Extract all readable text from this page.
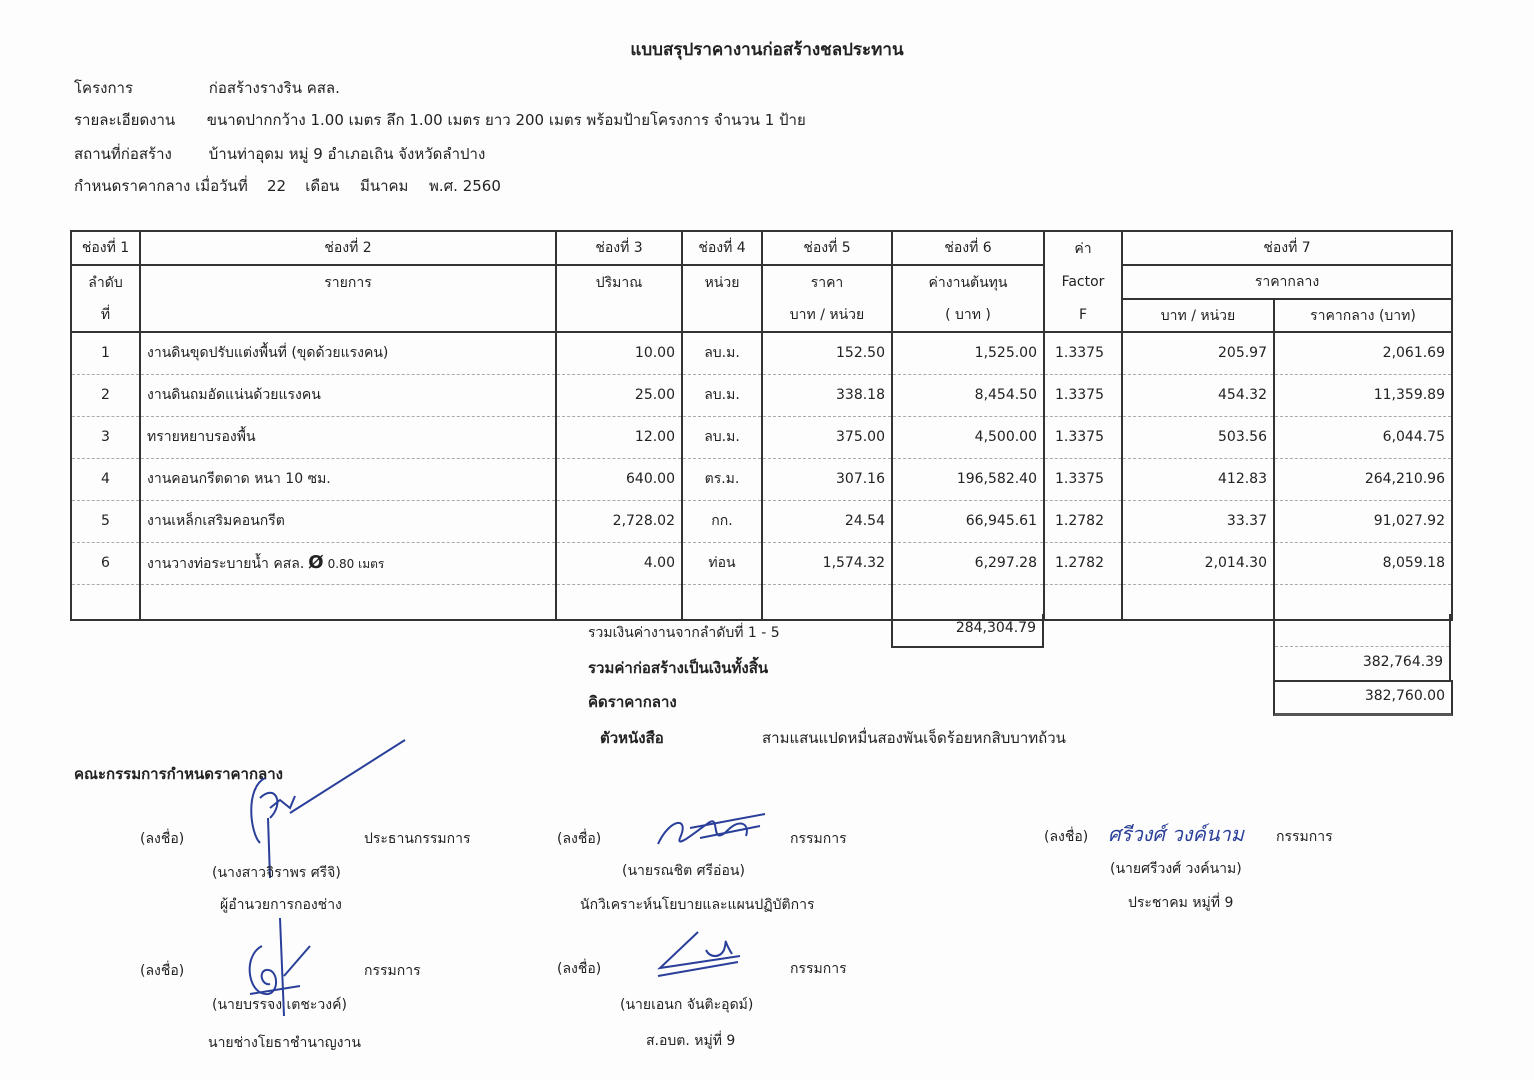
แบบสรุปราคางานก่อสร้างชลประทาน
โครงการ	ก่อสร้างรางริน คสล.
รายละเอียดงาน ขนาดปากกว้าง 1.00 เมตร ลึก 1.00 เมตร ยาว 200 เมตร พร้อมป้ายโครงการ จำนวน 1 ป้าย
สถานที่ก่อสร้าง บ้านท่าอุดม หมู่ 9 อำเภอเถิน จังหวัดลำปาง
กำหนดราคากลาง เมื่อวันที่ 22 เดือน มีนาคม พ.ศ. 2560
ช่องที่ 1	ช่องที่ 2	ช่องที่ 3	ช่องที่ 4	ช่องที่ 5	ช่องที่ 6	ค่า	ช่องที่ 7	
ลำดับ	รายการ	ปริมาณ	หน่วย	ราคา	ค่างานต้นทุน	Factor	ราคากลาง	
ที่				บาท / หน่วย	( บาท )	F	บาท / หน่วย	ราคากลาง (บาท)
1	งานดินขุดปรับแต่งพื้นที่ (ขุดด้วยแรงคน)	10.00	ลบ.ม.	152.50	1,525.00	1.3375	205.97	2,061.69
2	งานดินถมอัดแน่นด้วยแรงคน	25.00	ลบ.ม.	338.18	8,454.50	1.3375	454.32	11,359.89
3	ทรายหยาบรองพื้น	12.00	ลบ.ม.	375.00	4,500.00	1.3375	503.56	6,044.75
4	งานคอนกรีตดาด หนา 10 ซม.	640.00	ตร.ม.	307.16	196,582.40	1.3375	412.83	264,210.96
5	งานเหล็กเสริมคอนกรีต	2,728.02	กก.	24.54	66,945.61	1.2782	33.37	91,027.92
6	งานวางท่อระบายน้ำ คสล. Ø 0.80 เมตร	4.00	ท่อน	1,574.32	6,297.28	1.2782	2,014.30	8,059.18

รวมเงินค่างานจากลำดับที่ 1 - 5	284,304.79
รวมค่าก่อสร้างเป็นเงินทั้งสิ้น	382,764.39
คิดราคากลาง	382,760.00
ตัวหนังสือ	สามแสนแปดหมื่นสองพันเจ็ดร้อยหกสิบบาทถ้วน
คณะกรรมการกำหนดราคากลาง
(ลงชื่อ)	ประธานกรรมการ
(นางสาวจิราพร ศรีจิ)
ผู้อำนวยการกองช่าง
(ลงชื่อ)	กรรมการ
(นายรณชิต ศรีอ่อน)
นักวิเคราะห์นโยบายและแผนปฏิบัติการ
(ลงชื่อ) ศรีวงศ์ วงค์นาม กรรมการ
(นายศรีวงศ์ วงค์นาม)
ประชาคม หมู่ที่ 9
(ลงชื่อ)	กรรมการ
(นายบรรจง เตชะวงค์)
นายช่างโยธาชำนาญงาน
(ลงชื่อ)	กรรมการ
(นายเอนก จันติะอุดม์)
ส.อบต. หมู่ที่ 9
